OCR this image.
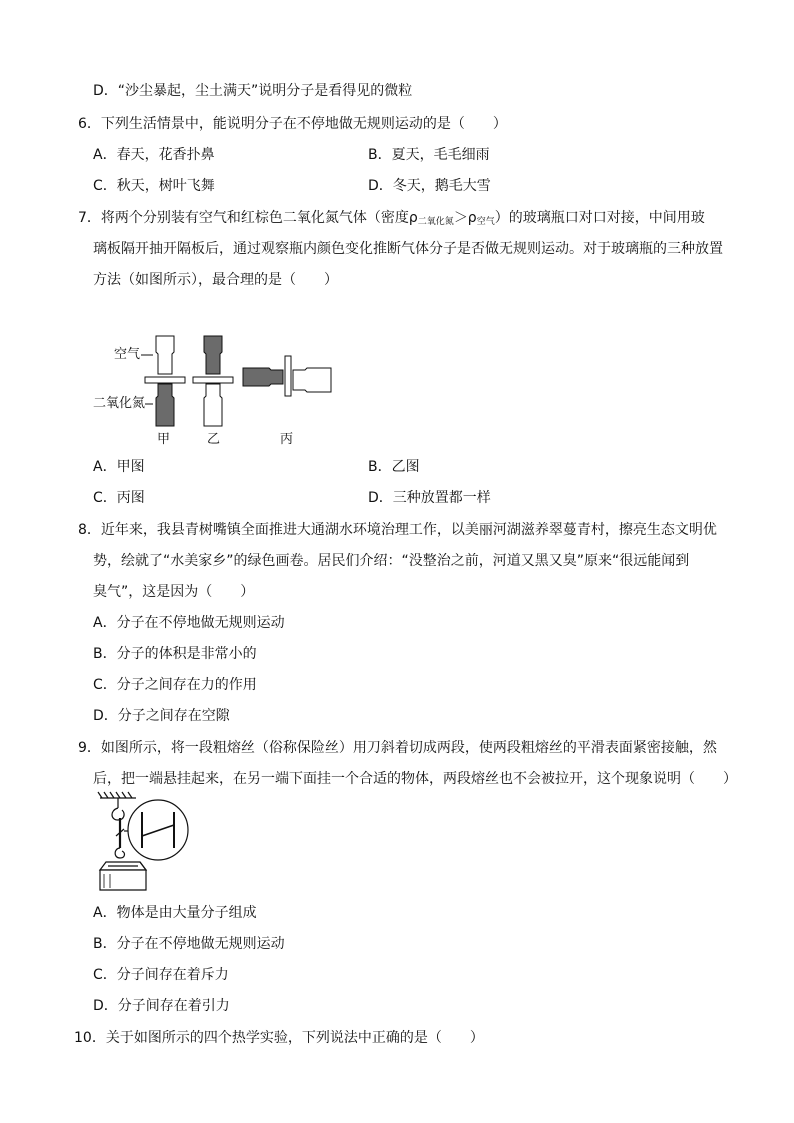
D．“沙尘暴起，尘土满天”说明分子是看得见的微粒
6．下列生活情景中，能说明分子在不停地做无规则运动的是（　　）
A．春天，花香扑鼻	B．夏天，毛毛细雨
C．秋天，树叶飞舞	D．冬天，鹅毛大雪
7．将两个分别装有空气和红棕色二氧化氮气体（密度$\rho_{二氧化氮}>\rho_{空气}$）的玻璃瓶口对口对接，中间用玻
璃板隔开抽开隔板后，通过观察瓶内颜色变化推断气体分子是否做无规则运动。对于玻璃瓶的三种放置
方法（如图所示），最合理的是（　　）
空气
二氧化氮
甲	乙	丙
A．甲图	B．乙图
C．丙图	D．三种放置都一样
8．近年来，我县青树嘴镇全面推进大通湖水环境治理工作，以美丽河湖滋养翠蔓青村，擦亮生态文明优
势，绘就了“水美家乡”的绿色画卷。居民们介绍：“没整治之前，河道又黑又臭”原来“很远能闻到
臭气”，这是因为（　　）
A．分子在不停地做无规则运动
B．分子的体积是非常小的
C．分子之间存在力的作用
D．分子之间存在空隙
9．如图所示，将一段粗熔丝（俗称保险丝）用刀斜着切成两段，使两段粗熔丝的平滑表面紧密接触，然
后，把一端悬挂起来，在另一端下面挂一个合适的物体，两段熔丝也不会被拉开，这个现象说明（　　）
A．物体是由大量分子组成
B．分子在不停地做无规则运动
C．分子间存在着斥力
D．分子间存在着引力
10．关于如图所示的四个热学实验，下列说法中正确的是（　　）
